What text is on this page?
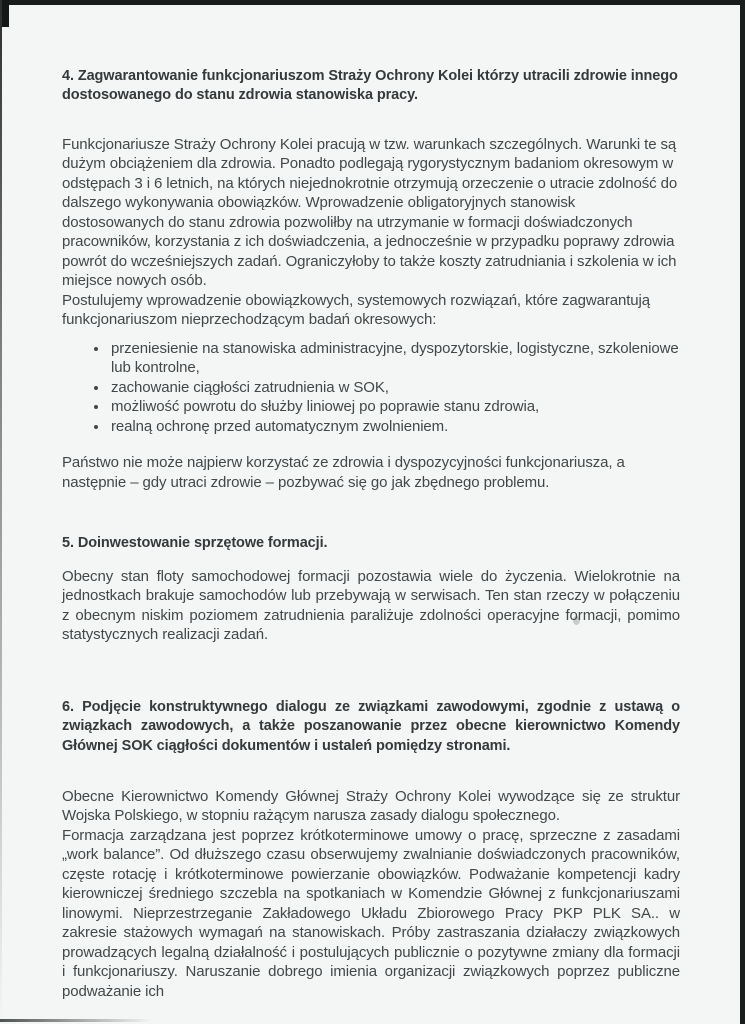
4. Zagwarantowanie funkcjonariuszom Straży Ochrony Kolei którzy utracili zdrowie innego dostosowanego do stanu zdrowia stanowiska pracy.

Funkcjonariusze Straży Ochrony Kolei pracują w tzw. warunkach szczególnych. Warunki te są dużym obciążeniem dla zdrowia. Ponadto podlegają rygorystycznym badaniom okresowym w odstępach 3 i 6 letnich, na których niejednokrotnie otrzymują orzeczenie o utracie zdolność do dalszego wykonywania obowiązków. Wprowadzenie obligatoryjnych stanowisk dostosowanych do stanu zdrowia pozwoliłby na utrzymanie w formacji doświadczonych pracowników, korzystania z ich doświadczenia, a jednocześnie w przypadku poprawy zdrowia powrót do wcześniejszych zadań. Ograniczyłoby to także koszty zatrudniania i szkolenia w ich miejsce nowych osób.

Postulujemy wprowadzenie obowiązkowych, systemowych rozwiązań, które zagwarantują funkcjonariuszom nieprzechodzącym badań okresowych:

• przeniesienie na stanowiska administracyjne, dyspozytorskie, logistyczne, szkoleniowe lub kontrolne,
• zachowanie ciągłości zatrudnienia w SOK,
• możliwość powrotu do służby liniowej po poprawie stanu zdrowia,
• realną ochronę przed automatycznym zwolnieniem.

Państwo nie może najpierw korzystać ze zdrowia i dyspozycyjności funkcjonariusza, a następnie – gdy utraci zdrowie – pozbywać się go jak zbędnego problemu.

5. Doinwestowanie sprzętowe formacji.

Obecny stan floty samochodowej formacji pozostawia wiele do życzenia. Wielokrotnie na jednostkach brakuje samochodów lub przebywają w serwisach. Ten stan rzeczy w połączeniu z obecnym niskim poziomem zatrudnienia paraliżuje zdolności operacyjne formacji, pomimo statystycznych realizacji zadań.

6. Podjęcie konstruktywnego dialogu ze związkami zawodowymi, zgodnie z ustawą o związkach zawodowych, a także poszanowanie przez obecne kierownictwo Komendy Głównej SOK ciągłości dokumentów i ustaleń pomiędzy stronami.

Obecne Kierownictwo Komendy Głównej Straży Ochrony Kolei wywodzące się ze struktur Wojska Polskiego, w stopniu rażącym narusza zasady dialogu społecznego.

Formacja zarządzana jest poprzez krótkoterminowe umowy o pracę, sprzeczne z zasadami „work balance”. Od dłuższego czasu obserwujemy zwalnianie doświadczonych pracowników, częste rotację i krótkoterminowe powierzanie obowiązków. Podważanie kompetencji kadry kierowniczej średniego szczebla na spotkaniach w Komendzie Głównej z funkcjonariuszami linowymi. Nieprzestrzeganie Zakładowego Układu Zbiorowego Pracy PKP PLK SA.. w zakresie stażowych wymagań na stanowiskach. Próby zastraszania działaczy związkowych prowadzących legalną działalność i postulujących publicznie o pozytywne zmiany dla formacji i funkcjonariuszy. Naruszanie dobrego imienia organizacji związkowych poprzez publiczne podważanie ich
